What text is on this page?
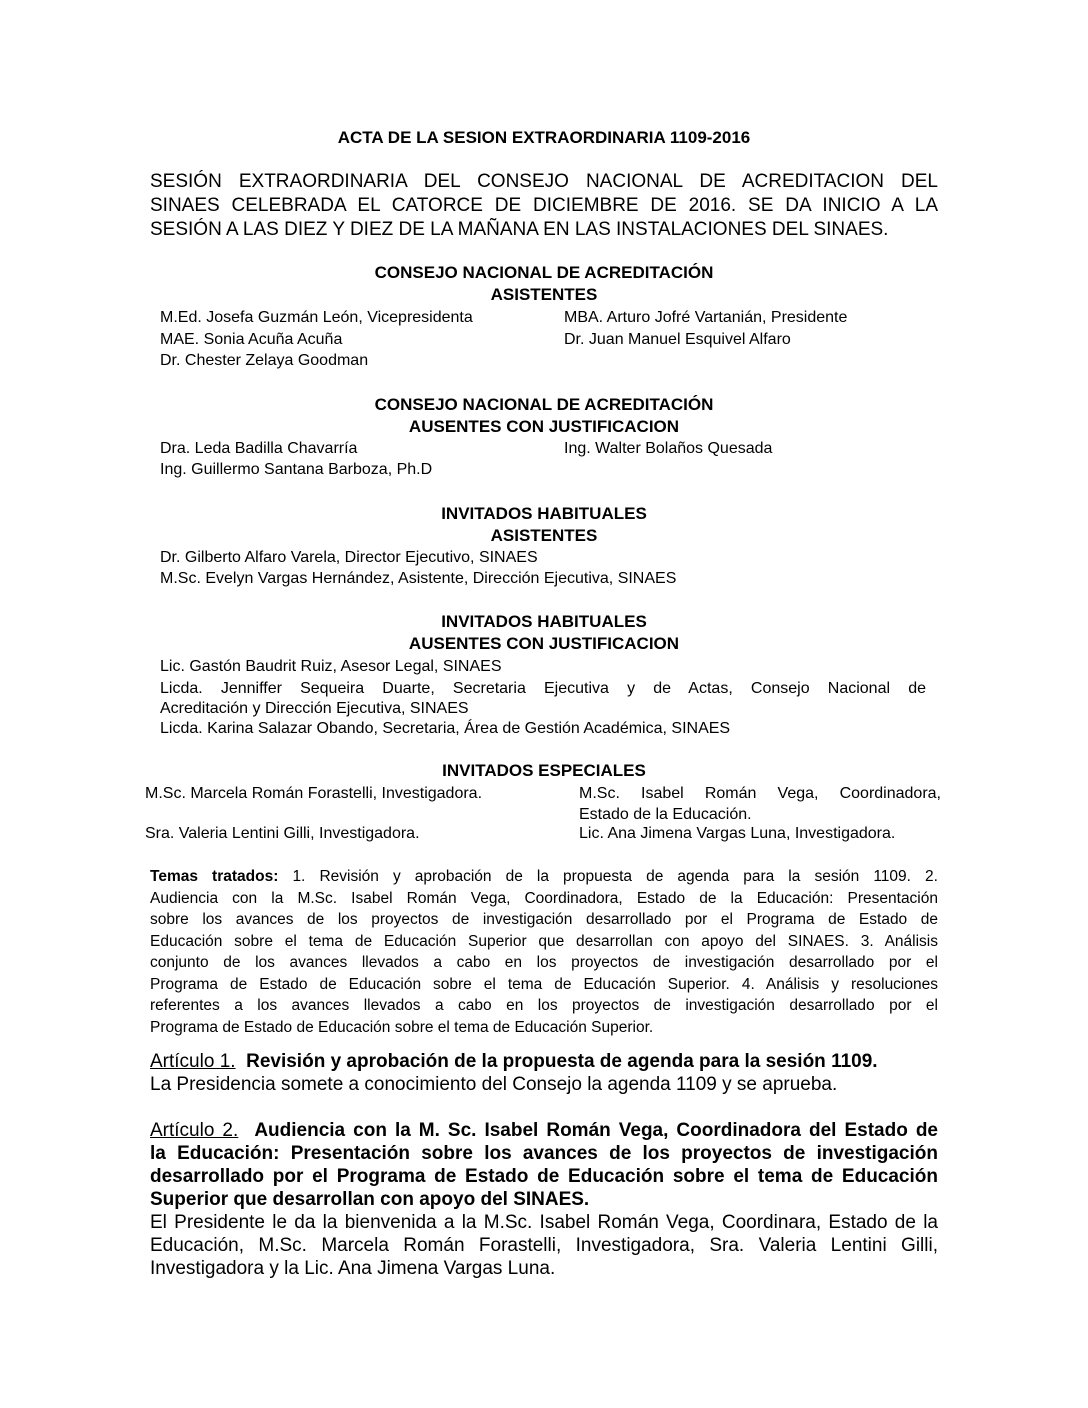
ACTA DE LA SESION EXTRAORDINARIA 1109-2016
SESIÓN EXTRAORDINARIA DEL CONSEJO NACIONAL DE ACREDITACION DEL
SINAES CELEBRADA EL CATORCE DE DICIEMBRE DE 2016. SE DA INICIO A LA
SESIÓN A LAS DIEZ Y DIEZ DE LA MAÑANA EN LAS INSTALACIONES DEL SINAES.
CONSEJO NACIONAL DE ACREDITACIÓN
ASISTENTES
M.Ed. Josefa Guzmán León, Vicepresidenta	MBA. Arturo Jofré Vartanián, Presidente
MAE. Sonia Acuña Acuña	Dr. Juan Manuel Esquivel Alfaro
Dr. Chester Zelaya Goodman
CONSEJO NACIONAL DE ACREDITACIÓN
AUSENTES CON JUSTIFICACION
Dra. Leda Badilla Chavarría	Ing. Walter Bolaños Quesada
Ing. Guillermo Santana Barboza, Ph.D
INVITADOS HABITUALES
ASISTENTES
Dr. Gilberto Alfaro Varela, Director Ejecutivo, SINAES
M.Sc. Evelyn Vargas Hernández, Asistente, Dirección Ejecutiva, SINAES
INVITADOS HABITUALES
AUSENTES CON JUSTIFICACION
Lic. Gastón Baudrit Ruiz, Asesor Legal, SINAES
Licda. Jenniffer Sequeira Duarte, Secretaria Ejecutiva y de Actas, Consejo Nacional de
Acreditación y Dirección Ejecutiva, SINAES
Licda. Karina Salazar Obando, Secretaria, Área de Gestión Académica, SINAES
INVITADOS ESPECIALES
M.Sc. Marcela Román Forastelli, Investigadora.	M.Sc. Isabel Román Vega, Coordinadora,
Estado de la Educación.
Sra. Valeria Lentini Gilli, Investigadora.	Lic. Ana Jimena Vargas Luna, Investigadora.
Temas tratados: 1. Revisión y aprobación de la propuesta de agenda para la sesión 1109. 2.
Audiencia con la M.Sc. Isabel Román Vega, Coordinadora, Estado de la Educación: Presentación
sobre los avances de los proyectos de investigación desarrollado por el Programa de Estado de
Educación sobre el tema de Educación Superior que desarrollan con apoyo del SINAES. 3. Análisis
conjunto de los avances llevados a cabo en los proyectos de investigación desarrollado por el
Programa de Estado de Educación sobre el tema de Educación Superior. 4. Análisis y resoluciones
referentes a los avances llevados a cabo en los proyectos de investigación desarrollado por el
Programa de Estado de Educación sobre el tema de Educación Superior.
Artículo 1. Revisión y aprobación de la propuesta de agenda para la sesión 1109.
La Presidencia somete a conocimiento del Consejo la agenda 1109 y se aprueba.
Artículo 2. Audiencia con la M. Sc. Isabel Román Vega, Coordinadora del Estado de
la Educación: Presentación sobre los avances de los proyectos de investigación
desarrollado por el Programa de Estado de Educación sobre el tema de Educación
Superior que desarrollan con apoyo del SINAES.
El Presidente le da la bienvenida a la M.Sc. Isabel Román Vega, Coordinara, Estado de la
Educación, M.Sc. Marcela Román Forastelli, Investigadora, Sra. Valeria Lentini Gilli,
Investigadora y la Lic. Ana Jimena Vargas Luna.
